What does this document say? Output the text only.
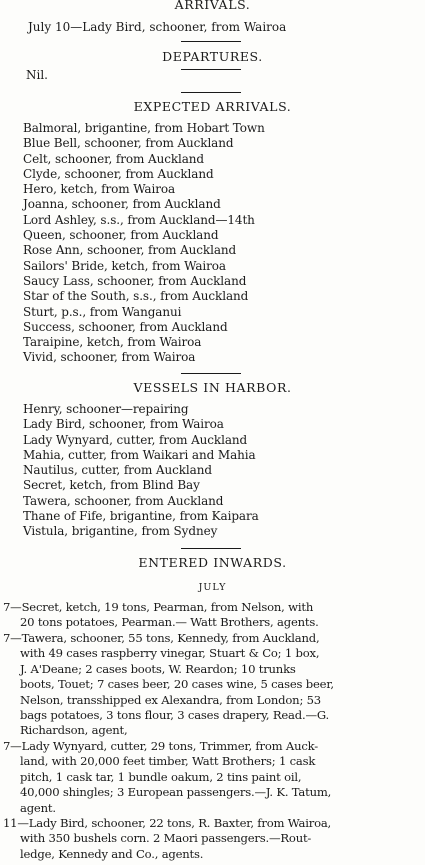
ARRIVALS.
July 10—Lady Bird, schooner, from Wairoa
DEPARTURES.
Nil.
EXPECTED ARRIVALS.
Balmoral, brigantine, from Hobart Town
Blue Bell, schooner, from Auckland
Celt, schooner, from Auckland
Clyde, schooner, from Auckland
Hero, ketch, from Wairoa
Joanna, schooner, from Auckland
Lord Ashley, s.s., from Auckland—14th
Queen, schooner, from Auckland
Rose Ann, schooner, from Auckland
Sailors' Bride, ketch, from Wairoa
Saucy Lass, schooner, from Auckland
Star of the South, s.s., from Auckland
Sturt, p.s., from Wanganui
Success, schooner, from Auckland
Taraipine, ketch, from Wairoa
Vivid, schooner, from Wairoa
VESSELS IN HARBOR.
Henry, schooner—repairing
Lady Bird, schooner, from Wairoa
Lady Wynyard, cutter, from Auckland
Mahia, cutter, from Waikari and Mahia
Nautilus, cutter, from Auckland
Secret, ketch, from Blind Bay
Tawera, schooner, from Auckland
Thane of Fife, brigantine, from Kaipara
Vistula, brigantine, from Sydney
ENTERED INWARDS.
JULY
7—Secret, ketch, 19 tons, Pearman, from Nelson, with
20 tons potatoes, Pearman.— Watt Brothers, agents.
7—Tawera, schooner, 55 tons, Kennedy, from Auckland,
with 49 cases raspberry vinegar, Stuart & Co; 1 box,
J. A'Deane; 2 cases boots, W. Reardon; 10 trunks
boots, Touet; 7 cases beer, 20 cases wine, 5 cases beer,
Nelson, transshipped ex Alexandra, from London; 53
bags potatoes, 3 tons flour, 3 cases drapery, Read.—G.
Richardson, agent,
7—Lady Wynyard, cutter, 29 tons, Trimmer, from Auck-
land, with 20,000 feet timber, Watt Brothers; 1 cask
pitch, 1 cask tar, 1 bundle oakum, 2 tins paint oil,
40,000 shingles; 3 European passengers.—J. K. Tatum,
agent.
11—Lady Bird, schooner, 22 tons, R. Baxter, from Wairoa,
with 350 bushels corn. 2 Maori passengers.—Rout-
ledge, Kennedy and Co., agents.
